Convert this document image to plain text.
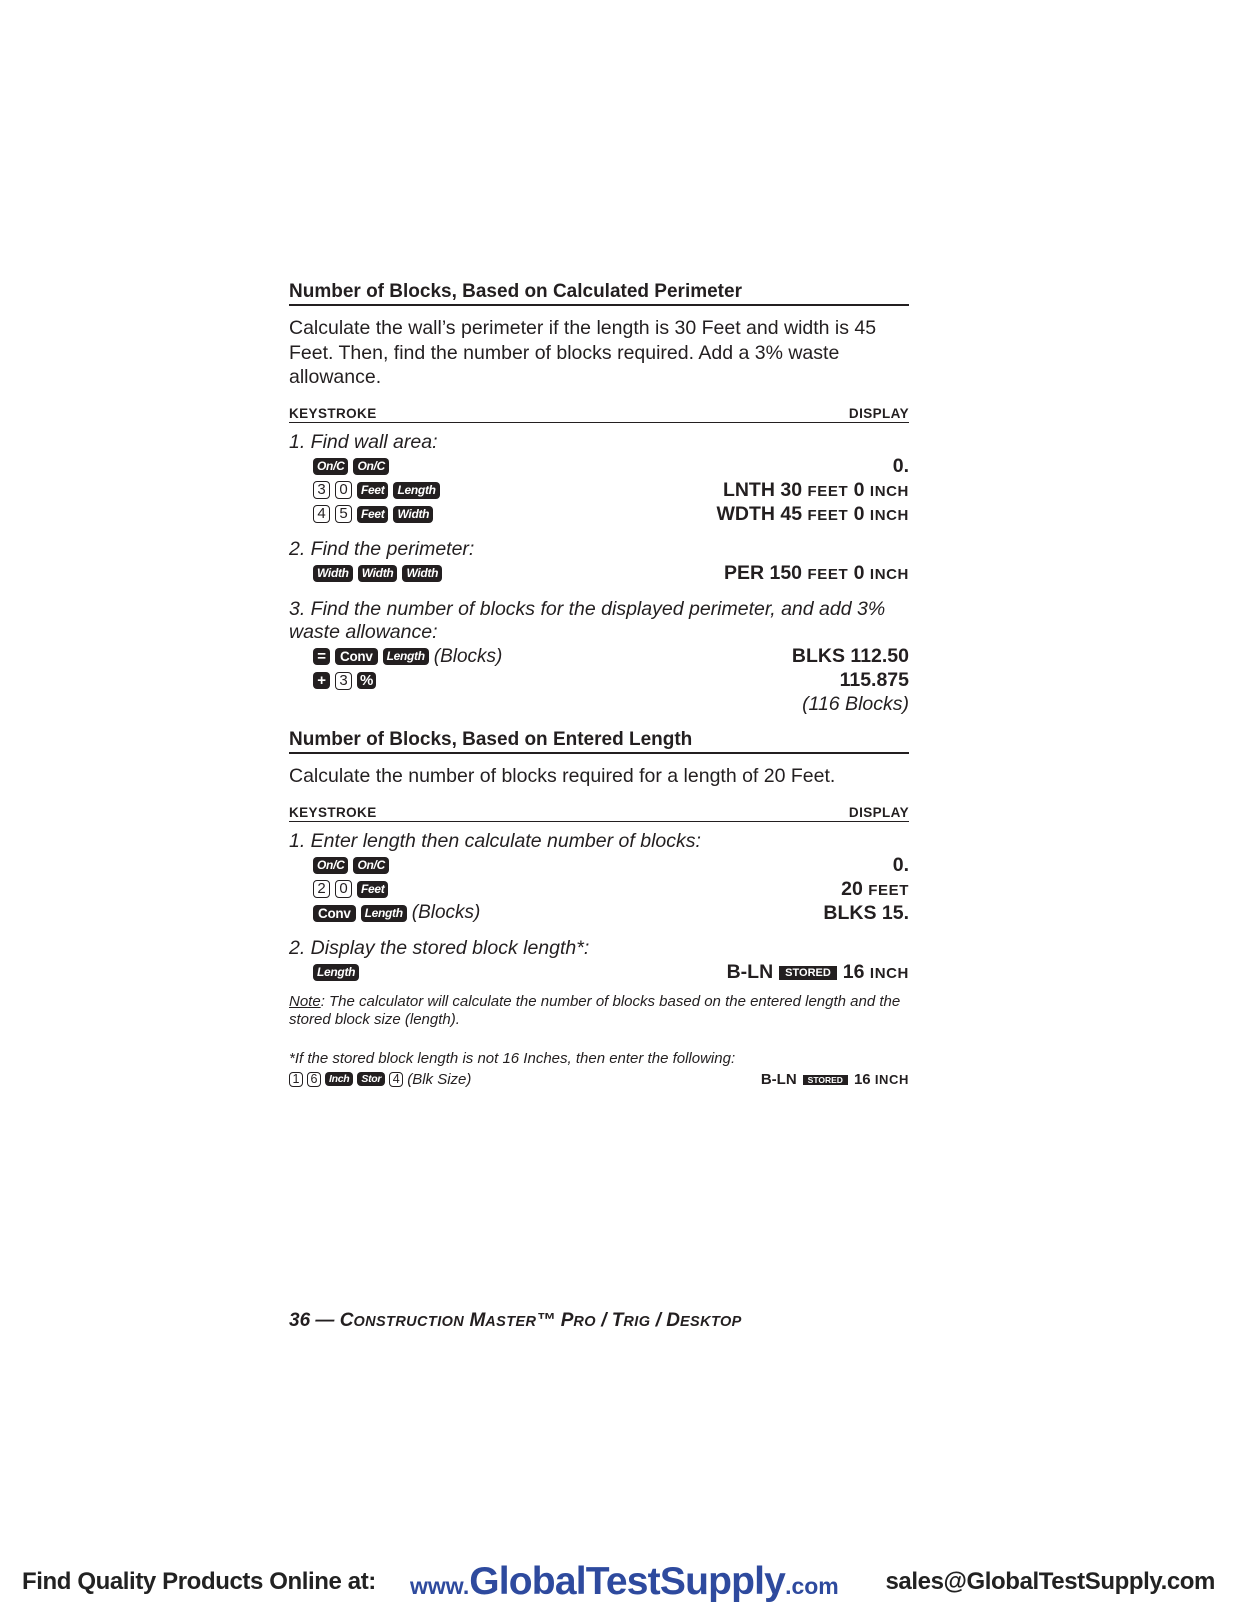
Number of Blocks, Based on Calculated Perimeter

Calculate the wall’s perimeter if the length is 30 Feet and width is 45 Feet. Then, find the number of blocks required. Add a 3% waste allowance.

KEYSTROKE	DISPLAY
1. Find wall area:
On/C	On/C	0.
3 0	Feet	Length	LNTH 30 FEET 0 INCH
4 5	Feet	Width	WDTH 45 FEET 0 INCH
2. Find the perimeter:
Width	Width	Width	PER 150 FEET 0 INCH
3. Find the number of blocks for the displayed perimeter, and add 3% waste allowance:
=	Conv	Length (Blocks)	BLKS 112.50
+ 3 %	115.875
(116 Blocks)
Number of Blocks, Based on Entered Length

Calculate the number of blocks required for a length of 20 Feet.

KEYSTROKE	DISPLAY
1. Enter length then calculate number of blocks:
On/C	On/C	0.
2 0	Feet	20 FEET
Conv	Length (Blocks)	BLKS 15.
2. Display the stored block length*:
Length	B-LN STORED 16 INCH
Note: The calculator will calculate the number of blocks based on the entered length and the stored block size (length).
*If the stored block length is not 16 Inches, then enter the following:
1 6	Inch	Stor 4 (Blk Size)	B-LN STORED 16 INCH
36 — CONSTRUCTION MASTER™ PRO / TRIG / DESKTOP
Find Quality Products Online at: www.GlobalTestSupply.com sales@GlobalTestSupply.com
